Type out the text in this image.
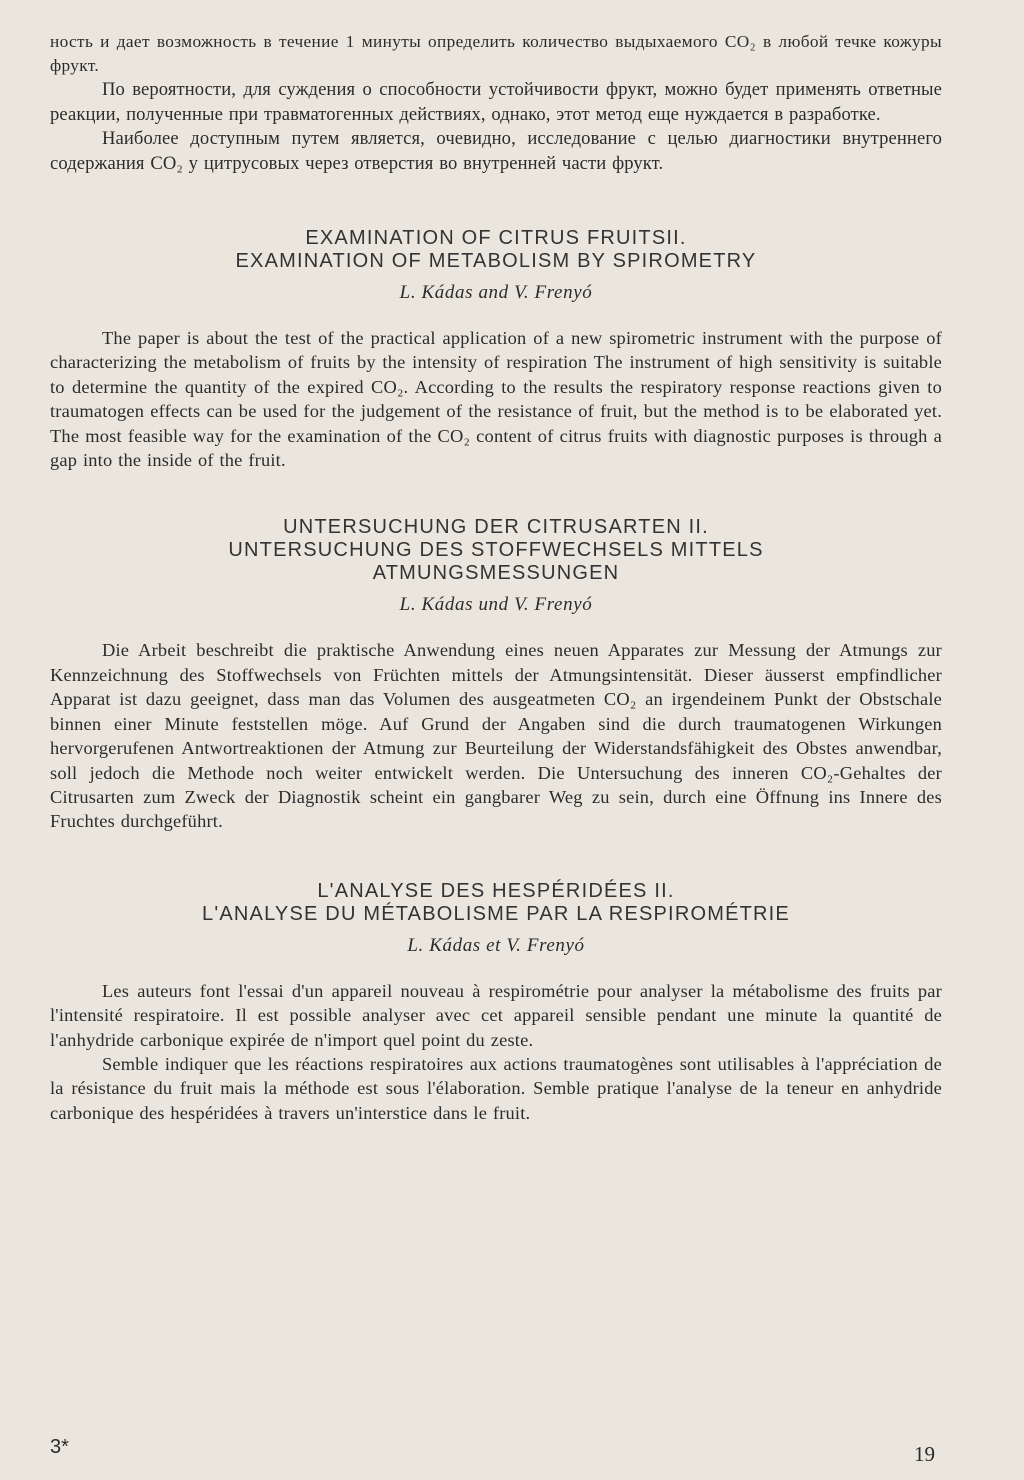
ность и дает возможность в течение 1 минуты определить количество выдыхаемого CO₂ в любой течке кожуры фрукт.

По вероятности, для суждения о способности устойчивости фрукт, можно будет применять ответные реакции, полученные при травматогенных действиях, однако, этот метод еще нуждается в разработке.

Наиболее доступным путем является, очевидно, исследование с целью диагностики внутреннего содержания CO₂ у цитрусовых через отверстия во внутренней части фрукт.

EXAMINATION OF CITRUS FRUITSII.
EXAMINATION OF METABOLISM BY SPIROMETRY
L. Kádas and V. Frenyó

The paper is about the test of the practical application of a new spirometric instrument with the purpose of characterizing the metabolism of fruits by the intensity of respiration The instrument of high sensitivity is suitable to determine the quantity of the expired CO₂. According to the results the respiratory response reactions given to traumatogen effects can be used for the judgement of the resistance of fruit, but the method is to be elaborated yet. The most feasible way for the examination of the CO₂ content of citrus fruits with diagnostic purposes is through a gap into the inside of the fruit.

UNTERSUCHUNG DER CITRUSARTEN II.
UNTERSUCHUNG DES STOFFWECHSELS MITTELS
ATMUNGSMESSUNGEN
L. Kádas und V. Frenyó

Die Arbeit beschreibt die praktische Anwendung eines neuen Apparates zur Messung der Atmungs zur Kennzeichnung des Stoffwechsels von Früchten mittels der Atmungsintensität. Dieser äusserst empfindlicher Apparat ist dazu geeignet, dass man das Volumen des ausgeatmeten CO₂ an irgendeinem Punkt der Obstschale binnen einer Minute feststellen möge. Auf Grund der Angaben sind die durch traumatogenen Wirkungen hervorgerufenen Antwortreaktionen der Atmung zur Beurteilung der Widerstandsfähigkeit des Obstes anwendbar, soll jedoch die Methode noch weiter entwickelt werden. Die Untersuchung des inneren CO₂-Gehaltes der Citrusarten zum Zweck der Diagnostik scheint ein gangbarer Weg zu sein, durch eine Öffnung ins Innere des Fruchtes durchgeführt.

L'ANALYSE DES HESPÉRIDÉES II.
L'ANALYSE DU MÉTABOLISME PAR LA RESPIROMÉTRIE
L. Kádas et V. Frenyó

Les auteurs font l'essai d'un appareil nouveau à respirométrie pour analyser la métabolisme des fruits par l'intensité respiratoire. Il est possible analyser avec cet appareil sensible pendant une minute la quantité de l'anhydride carbonique expirée de n'import quel point du zeste.

Semble indiquer que les réactions respiratoires aux actions traumatogènes sont utilisables à l'appréciation de la résistance du fruit mais la méthode est sous l'élaboration. Semble pratique l'analyse de la teneur en anhydride carbonique des hespéridées à travers un'interstice dans le fruit.

3*	19
